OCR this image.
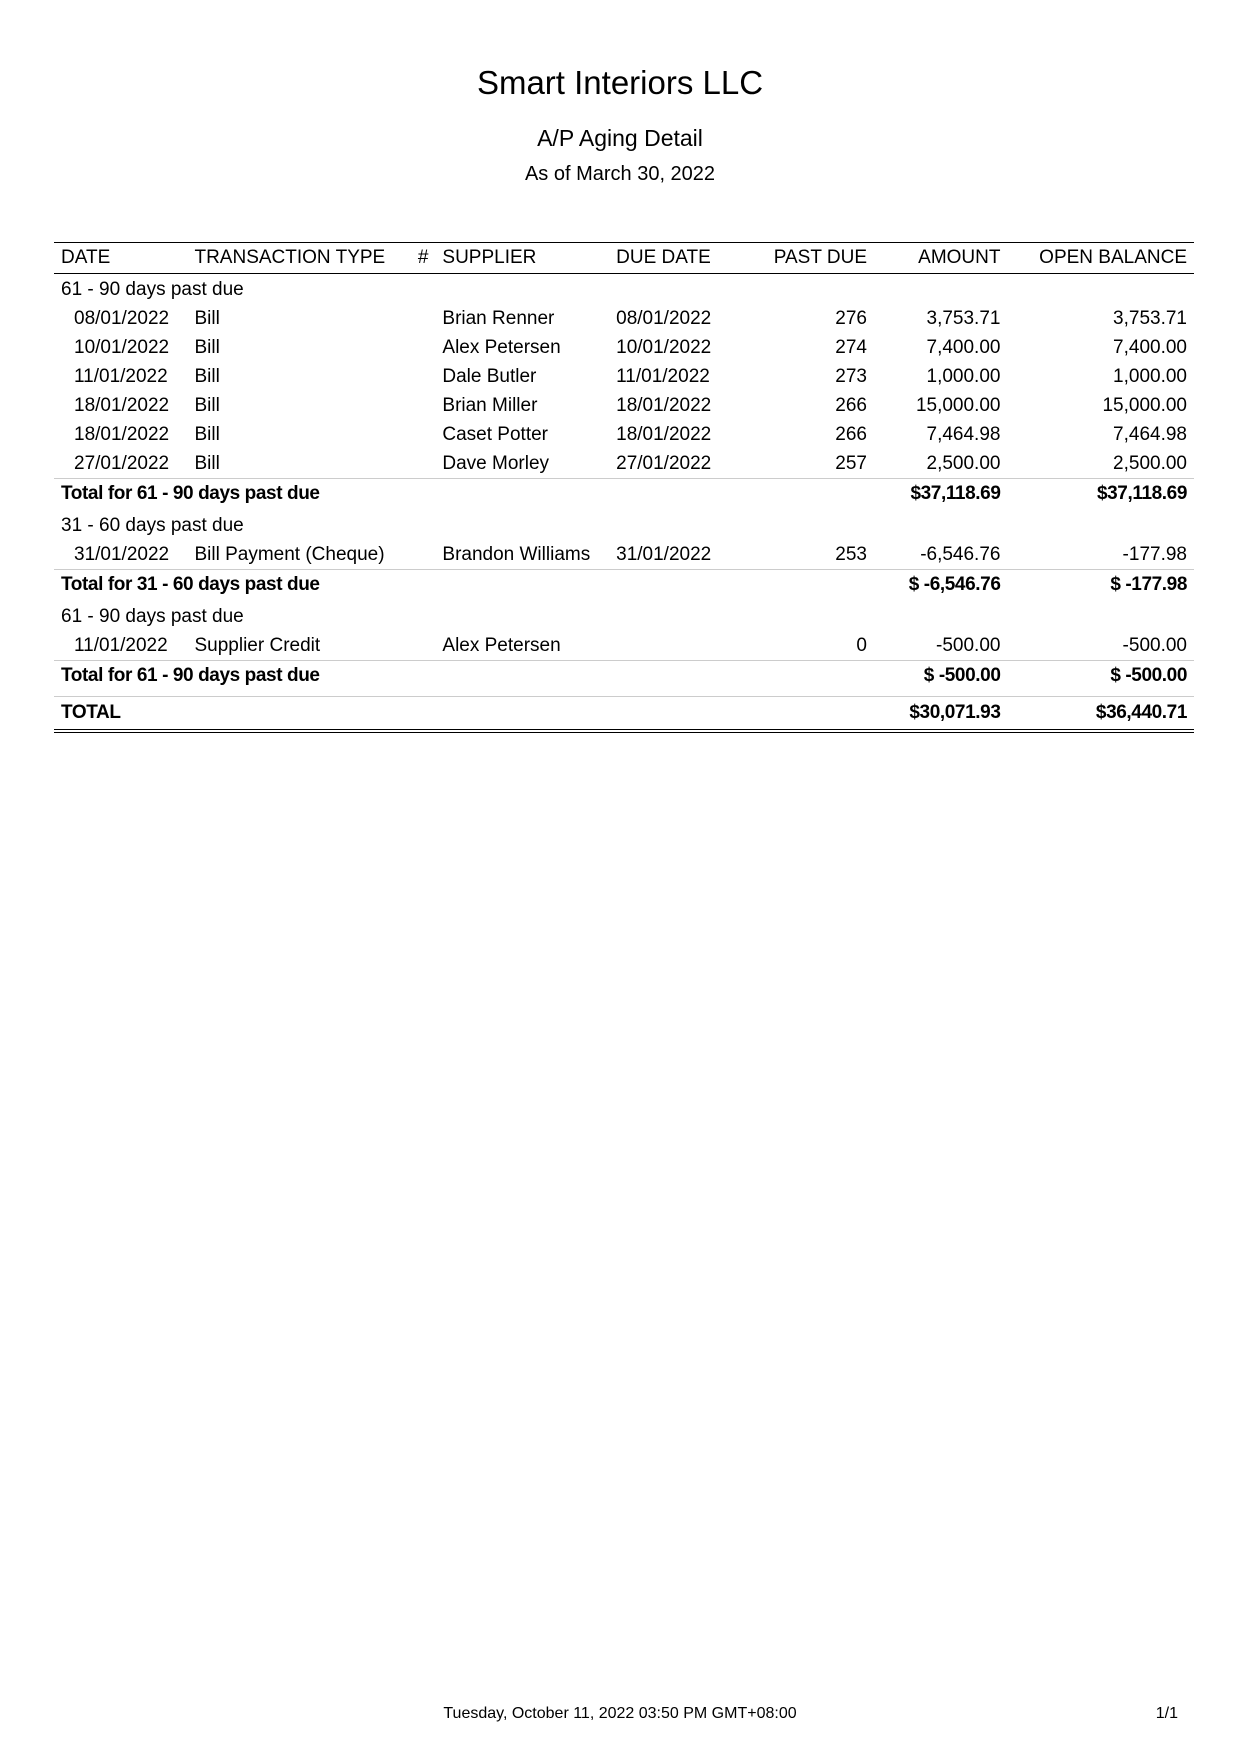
Smart Interiors LLC
A/P Aging Detail
As of March 30, 2022
DATE	TRANSACTION TYPE	#	SUPPLIER	DUE DATE	PAST DUE	AMOUNT	OPEN BALANCE
61 - 90 days past due							
08/01/2022	Bill		Brian Renner	08/01/2022	276	3,753.71	3,753.71
10/01/2022	Bill		Alex Petersen	10/01/2022	274	7,400.00	7,400.00
11/01/2022	Bill		Dale Butler	11/01/2022	273	1,000.00	1,000.00
18/01/2022	Bill		Brian Miller	18/01/2022	266	15,000.00	15,000.00
18/01/2022	Bill		Caset Potter	18/01/2022	266	7,464.98	7,464.98
27/01/2022	Bill		Dave Morley	27/01/2022	257	2,500.00	2,500.00
Total for 61 - 90 days past due						$37,118.69	$37,118.69
31 - 60 days past due							
31/01/2022	Bill Payment (Cheque)		Brandon Williams	31/01/2022	253	-6,546.76	-177.98
Total for 31 - 60 days past due						$ -6,546.76	$ -177.98
61 - 90 days past due							
11/01/2022	Supplier Credit		Alex Petersen		0	-500.00	-500.00
Total for 61 - 90 days past due						$ -500.00	$ -500.00

TOTAL						$30,071.93	$36,440.71
Tuesday, October 11, 2022 03:50 PM GMT+08:00	1/1
